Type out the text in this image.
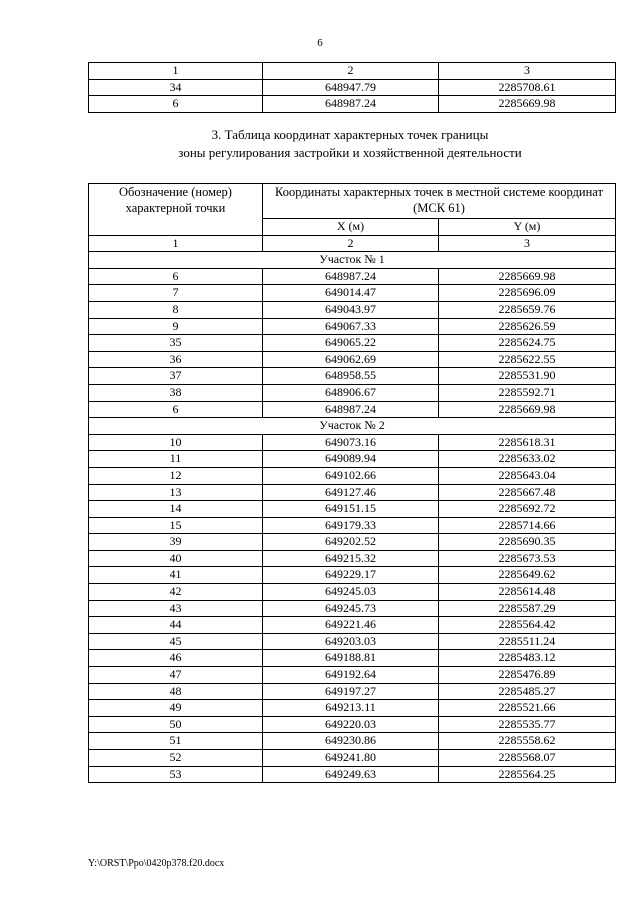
6
1	2	3
34	648947.79	2285708.61
6	648987.24	2285669.98
3. Таблица координат характерных точек границы
зоны регулирования застройки и хозяйственной деятельности
Обозначение (номер) характерной точки	Координаты характерных точек в местной системе координат (МСК 61)	
	X (м)	Y (м)
1	2	3
Участок № 1		
6	648987.24	2285669.98
7	649014.47	2285696.09
8	649043.97	2285659.76
9	649067.33	2285626.59
35	649065.22	2285624.75
36	649062.69	2285622.55
37	648958.55	2285531.90
38	648906.67	2285592.71
6	648987.24	2285669.98
Участок № 2		
10	649073.16	2285618.31
11	649089.94	2285633.02
12	649102.66	2285643.04
13	649127.46	2285667.48
14	649151.15	2285692.72
15	649179.33	2285714.66
39	649202.52	2285690.35
40	649215.32	2285673.53
41	649229.17	2285649.62
42	649245.03	2285614.48
43	649245.73	2285587.29
44	649221.46	2285564.42
45	649203.03	2285511.24
46	649188.81	2285483.12
47	649192.64	2285476.89
48	649197.27	2285485.27
49	649213.11	2285521.66
50	649220.03	2285535.77
51	649230.86	2285558.62
52	649241.80	2285568.07
53	649249.63	2285564.25
Y:\ORST\Ppo\0420p378.f20.docx
